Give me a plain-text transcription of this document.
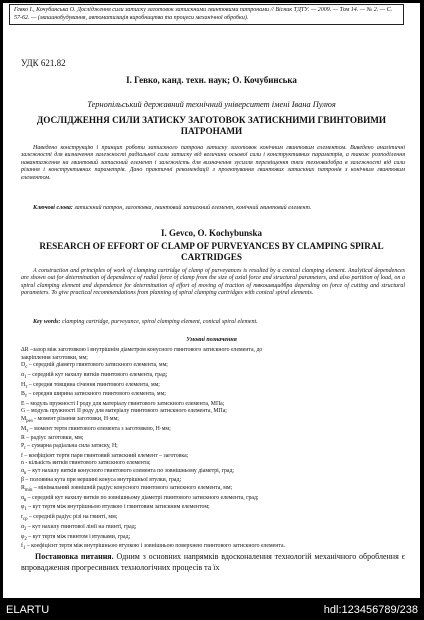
Гевко І., Кочубинська О. Дослідження сили затиску заготовок затискними гвинтовими патронами // Вісник ТДТУ. — 2009. — Том 14. — № 2. — С. 57-62. — (машинобудування, автоматизація виробництва та процеси механічної обробки).
УДК 621.82
І. Гевко, канд. техн. наук; О. Кочубинська
Тернопільський державний технічний університет імені Івана Пулюя
ДОСЛІДЖЕННЯ СИЛИ ЗАТИСКУ ЗАГОТОВОК ЗАТИСКНИМИ ГВИНТОВИМИ ПАТРОНАМИ
Наведено конструкцію і принцип роботи затискного патрона затиску заготовок конічним гвинтовим елементом. Виведено аналітичні залежності для визначення залежності радіальної сили затиску від величини осьової сили і конструктивних параметрів, а також розподілення навантаження на гвинтовий затискний елемент і залежність для визначення зусилля переміщення тяги техновидобра в залежності від сили різання і конструктивних параметрів. Дано практичні рекомендації з проектування гвинтових затискних патронів з конічним гвинтовим елементом.
Ключові слова: затискний патрон, заготовка, гвинтовий затискний елемент, конічний гвинтовий елемент.
I. Gevco, O. Kochybunska
RESEARCH OF EFFORT OF CLAMP OF PURVEYANCES BY CLAMPING SPIRAL CARTRIDGES
A construction and principles of work of clamping cartridge of clamp of purveyances is resulted by a conical clamping element. Analytical dependences are shown out for determination of dependence of radial force of clamp from the size of axial force and structural parameters, and also partition of load, on a spiral clamping element and dependence for determination of effort of moving of traction of твкошвщидбра depending on force of cutting and structural parameters. To give practical recommendations from planning of spiral clamping cartridges with conical spiral elements.
Key words: clamping cartridge, purveyance, spiral clamping element, conical spiral element.
Умовні позначення
ΔR –зазор між заготовкою і внутрішнім діаметром конусного гвинтового затискного елемента, до
закріплення заготовки, мм;
$D_с$ – середній діаметр гвинтового затискного елемента, мм;
$\alpha_1$ – середній кут нахилу витків гвинтового елемента, град;
$H_т$ – середня товщина січення гвинтового елемента, мм;
$B_т$ – середня ширина затискного гвинтового елемента, мм;
E – модуль пружності I роду для матеріалу гвинтового затискного елемента, МПа;
G – модуль пружності II роду для матеріалу гвинтового затискного елемента, МПа;
$M_{рез}$ - момент різання заготовки, Н·мм;
$M_т$ – момент тертя гвинтового елемента з заготовкою, Н·мм;
R – радіус заготовки, мм;
$P_r$ – сумарна радіальна сила затиску, Н;
f – коефіцієнт тертя пари гвинтовий затискний елемент – заготовка;
n - кількість витків гвинтового затискного елемента;
$\alpha_к$ – кут нахилу витків конусного гвинтового елемента по зовнішньому діаметрі, град;
β – половина кута при вершині конуса внутрішньої втулки, град;
$R_{min}$ – мінімальний зовнішній радіус конусного гвинтового затискного елемента, мм;
$\alpha_в$ – середній кут нахилу витків по зовнішньому діаметрі гвинтового затискного елемента, град;
$\varphi_1$ – кут тертя між внутрішньою втулкою і гвинтовим затискним елементом;
$r_{ср}$ – середній радіус різі на гвинті, мм;
$\alpha_2$ – кут нахилу гвинтової лінії на гвинті, град;
$\varphi_2$ – кут тертя між гвинтом і втулками, град;
$f_1$ – коефіцієнт тертя між внутрішньою втулкою і зовнішньою поверхнею гвинтового затискного елемента.

Постановка питання. Одним з основних напрямків вдосконалення технологій механічного оброблення є впровадження прогресивних технологічних процесів та їх

ELARTU	hdl:123456789/238
